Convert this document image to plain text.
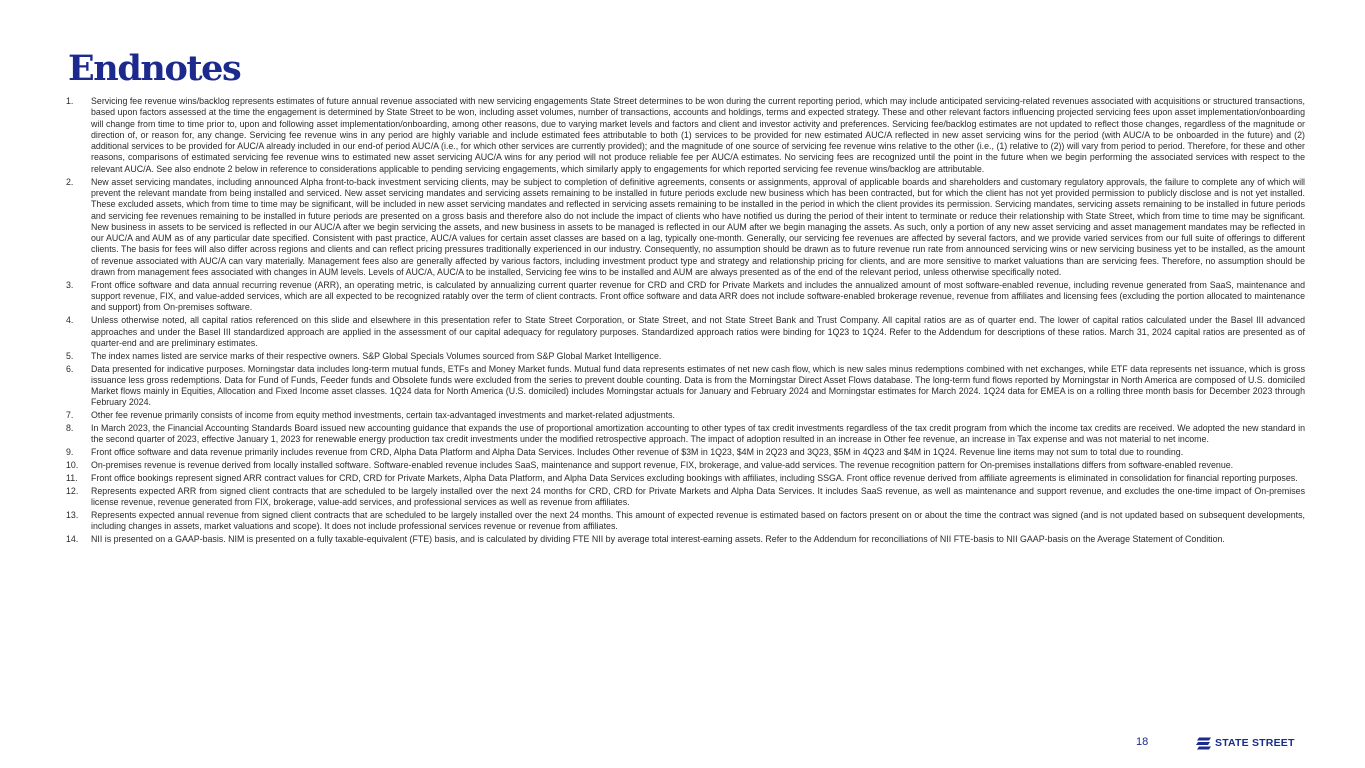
Endnotes
1. Servicing fee revenue wins/backlog represents estimates of future annual revenue associated with new servicing engagements State Street determines to be won during the current reporting period, which may include anticipated servicing-related revenues associated with acquisitions or structured transactions, based upon factors assessed at the time the engagement is determined by State Street to be won, including asset volumes, number of transactions, accounts and holdings, terms and expected strategy. These and other relevant factors influencing projected servicing fees upon asset implementation/onboarding will change from time to time prior to, upon and following asset implementation/onboarding, among other reasons, due to varying market levels and factors and client and investor activity and preferences. Servicing fee/backlog estimates are not updated to reflect those changes, regardless of the magnitude or direction of, or reason for, any change. Servicing fee revenue wins in any period are highly variable and include estimated fees attributable to both (1) services to be provided for new estimated AUC/A reflected in new asset servicing wins for the period (with AUC/A to be onboarded in the future) and (2) additional services to be provided for AUC/A already included in our end-of period AUC/A (i.e., for which other services are currently provided); and the magnitude of one source of servicing fee revenue wins relative to the other (i.e., (1) relative to (2)) will vary from period to period. Therefore, for these and other reasons, comparisons of estimated servicing fee revenue wins to estimated new asset servicing AUC/A wins for any period will not produce reliable fee per AUC/A estimates. No servicing fees are recognized until the point in the future when we begin performing the associated services with respect to the relevant AUC/A. See also endnote 2 below in reference to considerations applicable to pending servicing engagements, which similarly apply to engagements for which reported servicing fee revenue wins/backlog are attributable.
2. New asset servicing mandates, including announced Alpha front-to-back investment servicing clients, may be subject to completion of definitive agreements, consents or assignments, approval of applicable boards and shareholders and customary regulatory approvals, the failure to complete any of which will prevent the relevant mandate from being installed and serviced. New asset servicing mandates and servicing assets remaining to be installed in future periods exclude new business which has been contracted, but for which the client has not yet provided permission to publicly disclose and is not yet installed. These excluded assets, which from time to time may be significant, will be included in new asset servicing mandates and reflected in servicing assets remaining to be installed in the period in which the client provides its permission. Servicing mandates, servicing assets remaining to be installed in future periods and servicing fee revenues remaining to be installed in future periods are presented on a gross basis and therefore also do not include the impact of clients who have notified us during the period of their intent to terminate or reduce their relationship with State Street, which from time to time may be significant. New business in assets to be serviced is reflected in our AUC/A after we begin servicing the assets, and new business in assets to be managed is reflected in our AUM after we begin managing the assets. As such, only a portion of any new asset servicing and asset management mandates may be reflected in our AUC/A and AUM as of any particular date specified. Consistent with past practice, AUC/A values for certain asset classes are based on a lag, typically one-month. Generally, our servicing fee revenues are affected by several factors, and we provide varied services from our full suite of offerings to different clients. The basis for fees will also differ across regions and clients and can reflect pricing pressures traditionally experienced in our industry. Consequently, no assumption should be drawn as to future revenue run rate from announced servicing wins or new servicing business yet to be installed, as the amount of revenue associated with AUC/A can vary materially. Management fees also are generally affected by various factors, including investment product type and strategy and relationship pricing for clients, and are more sensitive to market valuations than are servicing fees. Therefore, no assumption should be drawn from management fees associated with changes in AUM levels. Levels of AUC/A, AUC/A to be installed, Servicing fee wins to be installed and AUM are always presented as of the end of the relevant period, unless otherwise specifically noted.
3. Front office software and data annual recurring revenue (ARR), an operating metric, is calculated by annualizing current quarter revenue for CRD and CRD for Private Markets and includes the annualized amount of most software-enabled revenue, including revenue generated from SaaS, maintenance and support revenue, FIX, and value-added services, which are all expected to be recognized ratably over the term of client contracts. Front office software and data ARR does not include software-enabled brokerage revenue, revenue from affiliates and licensing fees (excluding the portion allocated to maintenance and support) from On-premises software.
4. Unless otherwise noted, all capital ratios referenced on this slide and elsewhere in this presentation refer to State Street Corporation, or State Street, and not State Street Bank and Trust Company. All capital ratios are as of quarter end. The lower of capital ratios calculated under the Basel III advanced approaches and under the Basel III standardized approach are applied in the assessment of our capital adequacy for regulatory purposes. Standardized approach ratios were binding for 1Q23 to 1Q24. Refer to the Addendum for descriptions of these ratios. March 31, 2024 capital ratios are presented as of quarter-end and are preliminary estimates.
5. The index names listed are service marks of their respective owners. S&P Global Specials Volumes sourced from S&P Global Market Intelligence.
6. Data presented for indicative purposes. Morningstar data includes long-term mutual funds, ETFs and Money Market funds. Mutual fund data represents estimates of net new cash flow, which is new sales minus redemptions combined with net exchanges, while ETF data represents net issuance, which is gross issuance less gross redemptions. Data for Fund of Funds, Feeder funds and Obsolete funds were excluded from the series to prevent double counting. Data is from the Morningstar Direct Asset Flows database. The long-term fund flows reported by Morningstar in North America are composed of U.S. domiciled Market flows mainly in Equities, Allocation and Fixed Income asset classes. 1Q24 data for North America (U.S. domiciled) includes Morningstar actuals for January and February 2024 and Morningstar estimates for March 2024. 1Q24 data for EMEA is on a rolling three month basis for December 2023 through February 2024.
7. Other fee revenue primarily consists of income from equity method investments, certain tax-advantaged investments and market-related adjustments.
8. In March 2023, the Financial Accounting Standards Board issued new accounting guidance that expands the use of proportional amortization accounting to other types of tax credit investments regardless of the tax credit program from which the income tax credits are received. We adopted the new standard in the second quarter of 2023, effective January 1, 2023 for renewable energy production tax credit investments under the modified retrospective approach. The impact of adoption resulted in an increase in Other fee revenue, an increase in Tax expense and was not material to net income.
9. Front office software and data revenue primarily includes revenue from CRD, Alpha Data Platform and Alpha Data Services. Includes Other revenue of $3M in 1Q23, $4M in 2Q23 and 3Q23, $5M in 4Q23 and $4M in 1Q24. Revenue line items may not sum to total due to rounding.
10. On-premises revenue is revenue derived from locally installed software. Software-enabled revenue includes SaaS, maintenance and support revenue, FIX, brokerage, and value-add services. The revenue recognition pattern for On-premises installations differs from software-enabled revenue.
11. Front office bookings represent signed ARR contract values for CRD, CRD for Private Markets, Alpha Data Platform, and Alpha Data Services excluding bookings with affiliates, including SSGA. Front office revenue derived from affiliate agreements is eliminated in consolidation for financial reporting purposes.
12. Represents expected ARR from signed client contracts that are scheduled to be largely installed over the next 24 months for CRD, CRD for Private Markets and Alpha Data Services. It includes SaaS revenue, as well as maintenance and support revenue, and excludes the one-time impact of On-premises license revenue, revenue generated from FIX, brokerage, value-add services, and professional services as well as revenue from affiliates.
13. Represents expected annual revenue from signed client contracts that are scheduled to be largely installed over the next 24 months. This amount of expected revenue is estimated based on factors present on or about the time the contract was signed (and is not updated based on subsequent developments, including changes in assets, market valuations and scope). It does not include professional services revenue or revenue from affiliates.
14. NII is presented on a GAAP-basis. NIM is presented on a fully taxable-equivalent (FTE) basis, and is calculated by dividing FTE NII by average total interest-earning assets. Refer to the Addendum for reconciliations of NII FTE-basis to NII GAAP-basis on the Average Statement of Condition.
18	STATE STREET
